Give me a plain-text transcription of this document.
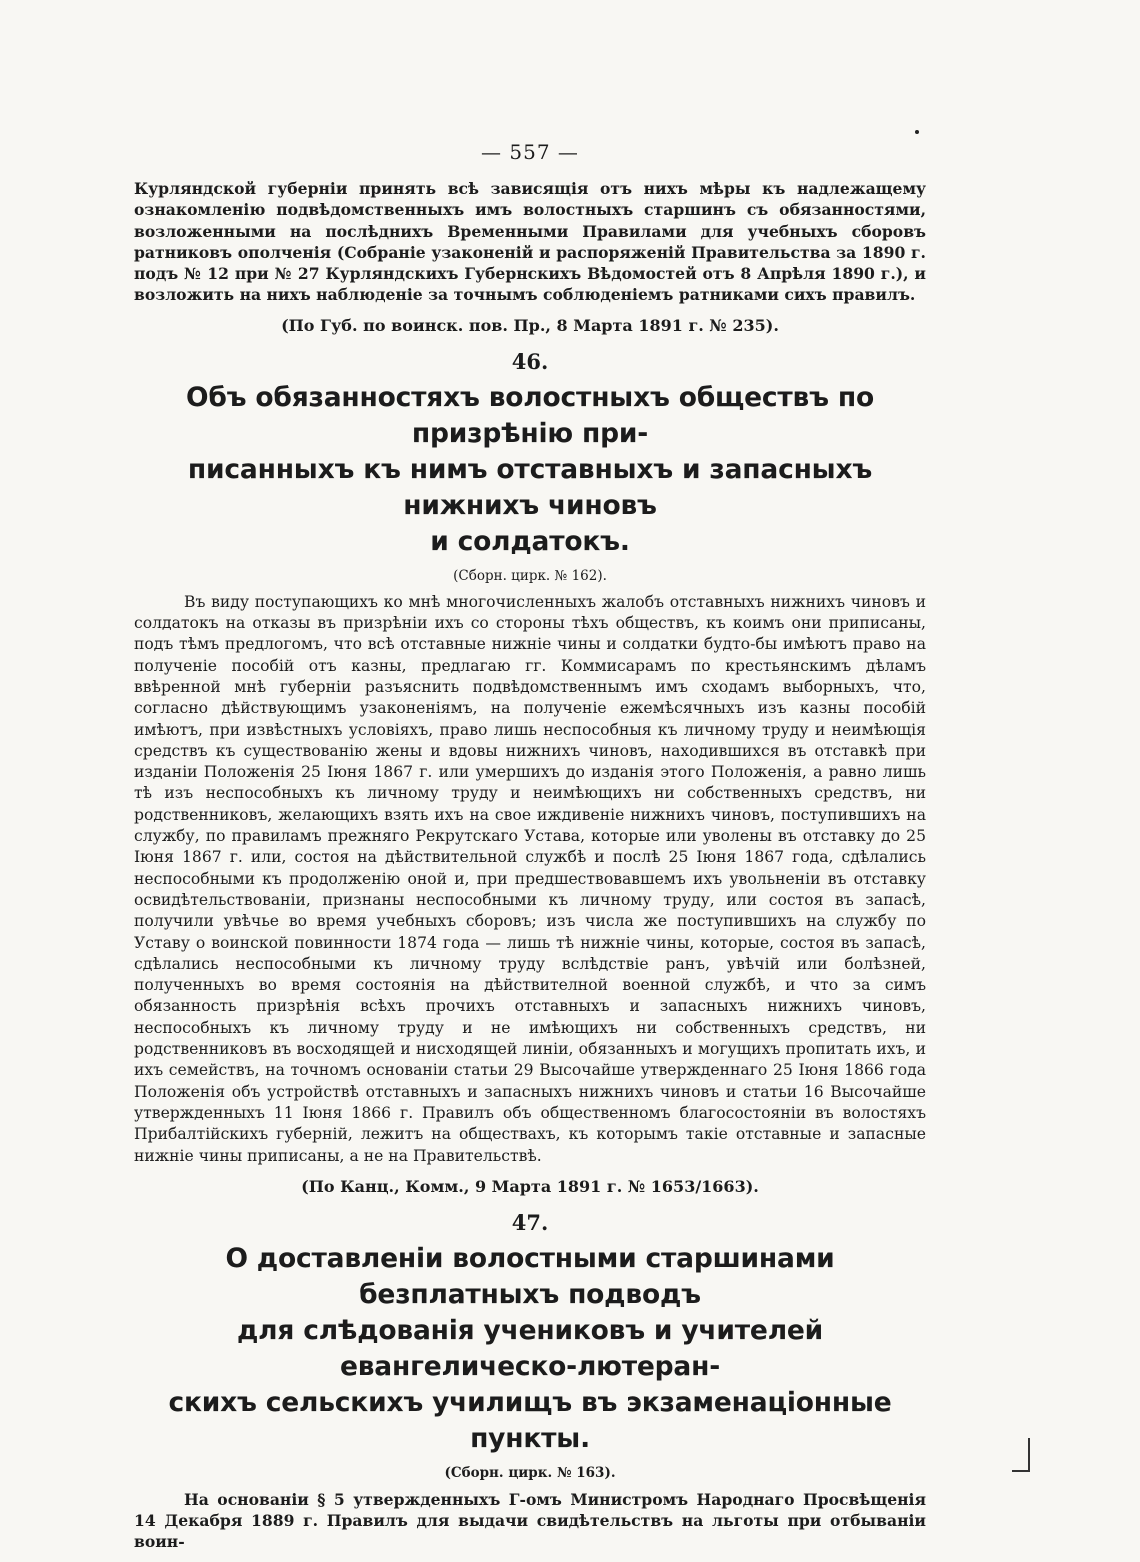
— 557 —

Курляндской губерніи принять всѣ зависящія отъ нихъ мѣры къ надлежащему ознакомленію подвѣдомственныхъ имъ волостныхъ старшинъ съ обязанностями, возложенными на послѣднихъ Временными Правилами для учебныхъ сборовъ ратниковъ ополченія (Собраніе узаконеній и распоряженій Правительства за 1890 г. подъ № 12 при № 27 Курляндскихъ Губернскихъ Вѣдомостей отъ 8 Апрѣля 1890 г.), и возложить на нихъ наблюденіе за точнымъ соблюденіемъ ратниками сихъ правилъ.

(По Губ. по воинск. пов. Пр., 8 Марта 1891 г. № 235).
46.
Объ обязанностяхъ волостныхъ обществъ по призрѣнію при-
писанныхъ къ нимъ отставныхъ и запасныхъ нижнихъ чиновъ
и солдатокъ.
(Сборн. цирк. № 162).

Въ виду поступающихъ ко мнѣ многочисленныхъ жалобъ отставныхъ нижнихъ чиновъ и солдатокъ на отказы въ призрѣніи ихъ со стороны тѣхъ обществъ, къ коимъ они приписаны, подъ тѣмъ предлогомъ, что всѣ отставные нижніе чины и солдатки будто-бы имѣютъ право на полученіе пособій отъ казны, предлагаю гг. Коммисарамъ по крестьянскимъ дѣламъ ввѣренной мнѣ губерніи разъяснить подвѣдомственнымъ имъ сходамъ выборныхъ, что, согласно дѣйствующимъ узаконеніямъ, на полученіе ежемѣсячныхъ изъ казны пособій имѣютъ, при извѣстныхъ условіяхъ, право лишь неспособныя къ личному труду и неимѣющія средствъ къ существованію жены и вдовы нижнихъ чиновъ, находившихся въ отставкѣ при изданіи Положенія 25 Іюня 1867 г. или умершихъ до изданія этого Положенія, а равно лишь тѣ изъ неспособныхъ къ личному труду и неимѣющихъ ни собственныхъ средствъ, ни родственниковъ, желающихъ взять ихъ на свое иждивеніе нижнихъ чиновъ, поступившихъ на службу, по правиламъ прежняго Рекрутскаго Устава, которые или уволены въ отставку до 25 Іюня 1867 г. или, состоя на дѣйствительной службѣ и послѣ 25 Іюня 1867 года, сдѣлались неспособными къ продолженію оной и, при предшествовавшемъ ихъ увольненіи въ отставку освидѣтельствованіи, признаны неспособными къ личному труду, или состоя въ запасѣ, получили увѣчье во время учебныхъ сборовъ; изъ числа же поступившихъ на службу по Уставу о воинской повинности 1874 года — лишь тѣ нижніе чины, которые, состоя въ запасѣ, сдѣлались неспособными къ личному труду вслѣдствіе ранъ, увѣчій или болѣзней, полученныхъ во время состоянія на дѣйствителной военной службѣ, и что за симъ обязанность призрѣнія всѣхъ прочихъ отставныхъ и запасныхъ нижнихъ чиновъ, неспособныхъ къ личному труду и не имѣющихъ ни собственныхъ средствъ, ни родственниковъ въ восходящей и нисходящей линіи, обязанныхъ и могущихъ пропитать ихъ, и ихъ семействъ, на точномъ основаніи статьи 29 Высочайше утвержденнаго 25 Іюня 1866 года Положенія объ устройствѣ отставныхъ и запасныхъ нижнихъ чиновъ и статьи 16 Высочайше утвержденныхъ 11 Іюня 1866 г. Правилъ объ общественномъ благосостояніи въ волостяхъ Прибалтійскихъ губерній, лежитъ на обществахъ, къ которымъ такіе отставные и запасные нижніе чины приписаны, а не на Правительствѣ.

(По Канц., Комм., 9 Марта 1891 г. № 1653/1663).
47.
О доставленіи волостными старшинами безплатныхъ подводъ
для слѣдованія учениковъ и учителей евангелическо-лютеран-
скихъ сельскихъ училищъ въ экзаменаціонные пункты.
(Сборн. цирк. № 163).

На основаніи § 5 утвержденныхъ Г-омъ Министромъ Народнаго Просвѣщенія 14 Декабря 1889 г. Правилъ для выдачи свидѣтельствъ на льготы при отбываніи воин-
